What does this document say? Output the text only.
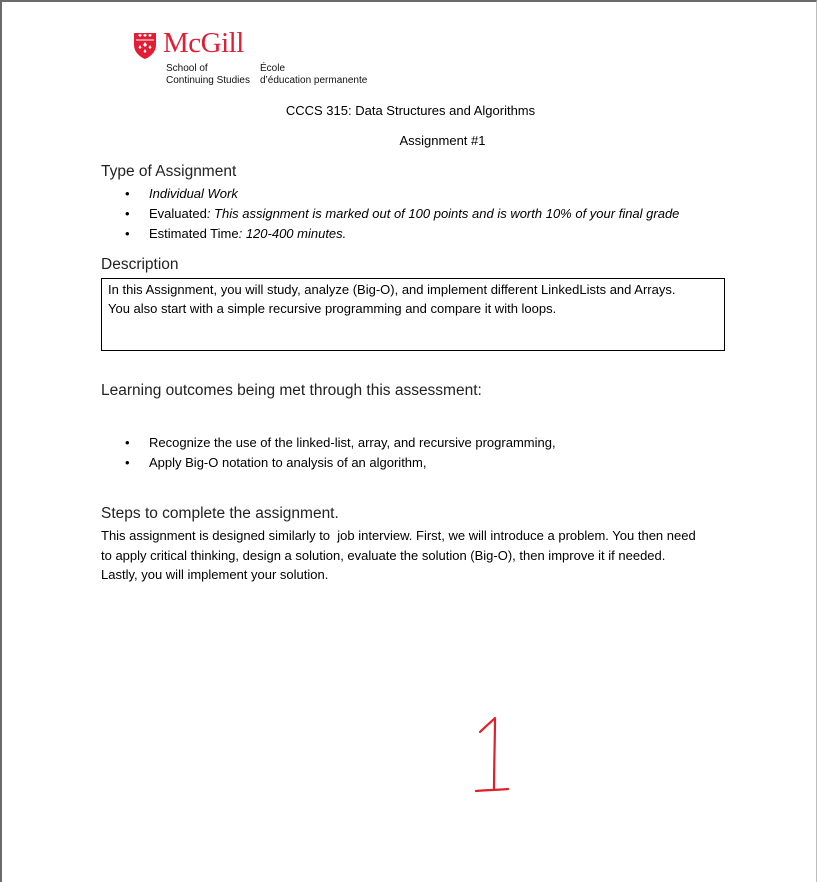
McGill
School of
Continuing Studies
École
d’éducation permanente
CCCS 315: Data Structures and Algorithms
Assignment #1
Type of Assignment
• Individual Work
• Evaluated: This assignment is marked out of 100 points and is worth 10% of your final grade
• Estimated Time: 120-400 minutes.
Description
In this Assignment, you will study, analyze (Big-O), and implement different LinkedLists and Arrays.
You also start with a simple recursive programming and compare it with loops.
Learning outcomes being met through this assessment:
• Recognize the use of the linked-list, array, and recursive programming,
• Apply Big-O notation to analysis of an algorithm,
Steps to complete the assignment.
This assignment is designed similarly to  job interview. First, we will introduce a problem. You then need
to apply critical thinking, design a solution, evaluate the solution (Big-O), then improve it if needed.
Lastly, you will implement your solution.
